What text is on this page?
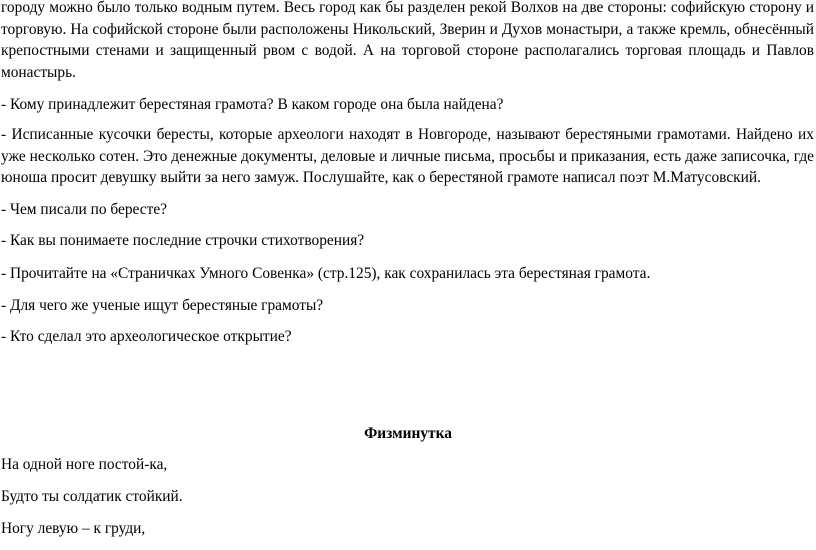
городу можно было только водным путем. Весь город как бы разделен рекой Волхов на две стороны: софийскую сторону и торговую. На софийской стороне были расположены Никольский, Зверин и Духов монастыри, а также кремль, обнесённый крепостными стенами и защищенный рвом с водой. А на торговой стороне располагались торговая площадь и Павлов монастырь.

- Кому принадлежит берестяная грамота? В каком городе она была найдена?

- Исписанные кусочки бересты, которые археологи находят в Новгороде, называют берестяными грамотами. Найдено их уже несколько сотен. Это денежные документы, деловые и личные письма, просьбы и приказания, есть даже записочка, где юноша просит девушку выйти за него замуж. Послушайте, как о берестяной грамоте написал поэт М.Матусовский.

- Чем писали по бересте?

- Как вы понимаете последние строчки стихотворения?

- Прочитайте на «Страничках Умного Совенка» (стр.125), как сохранилась эта берестяная грамота.

- Для чего же ученые ищут берестяные грамоты?

- Кто сделал это археологическое открытие?

Физминутка

На одной ноге постой-ка,

Будто ты солдатик стойкий.

Ногу левую – к груди,
